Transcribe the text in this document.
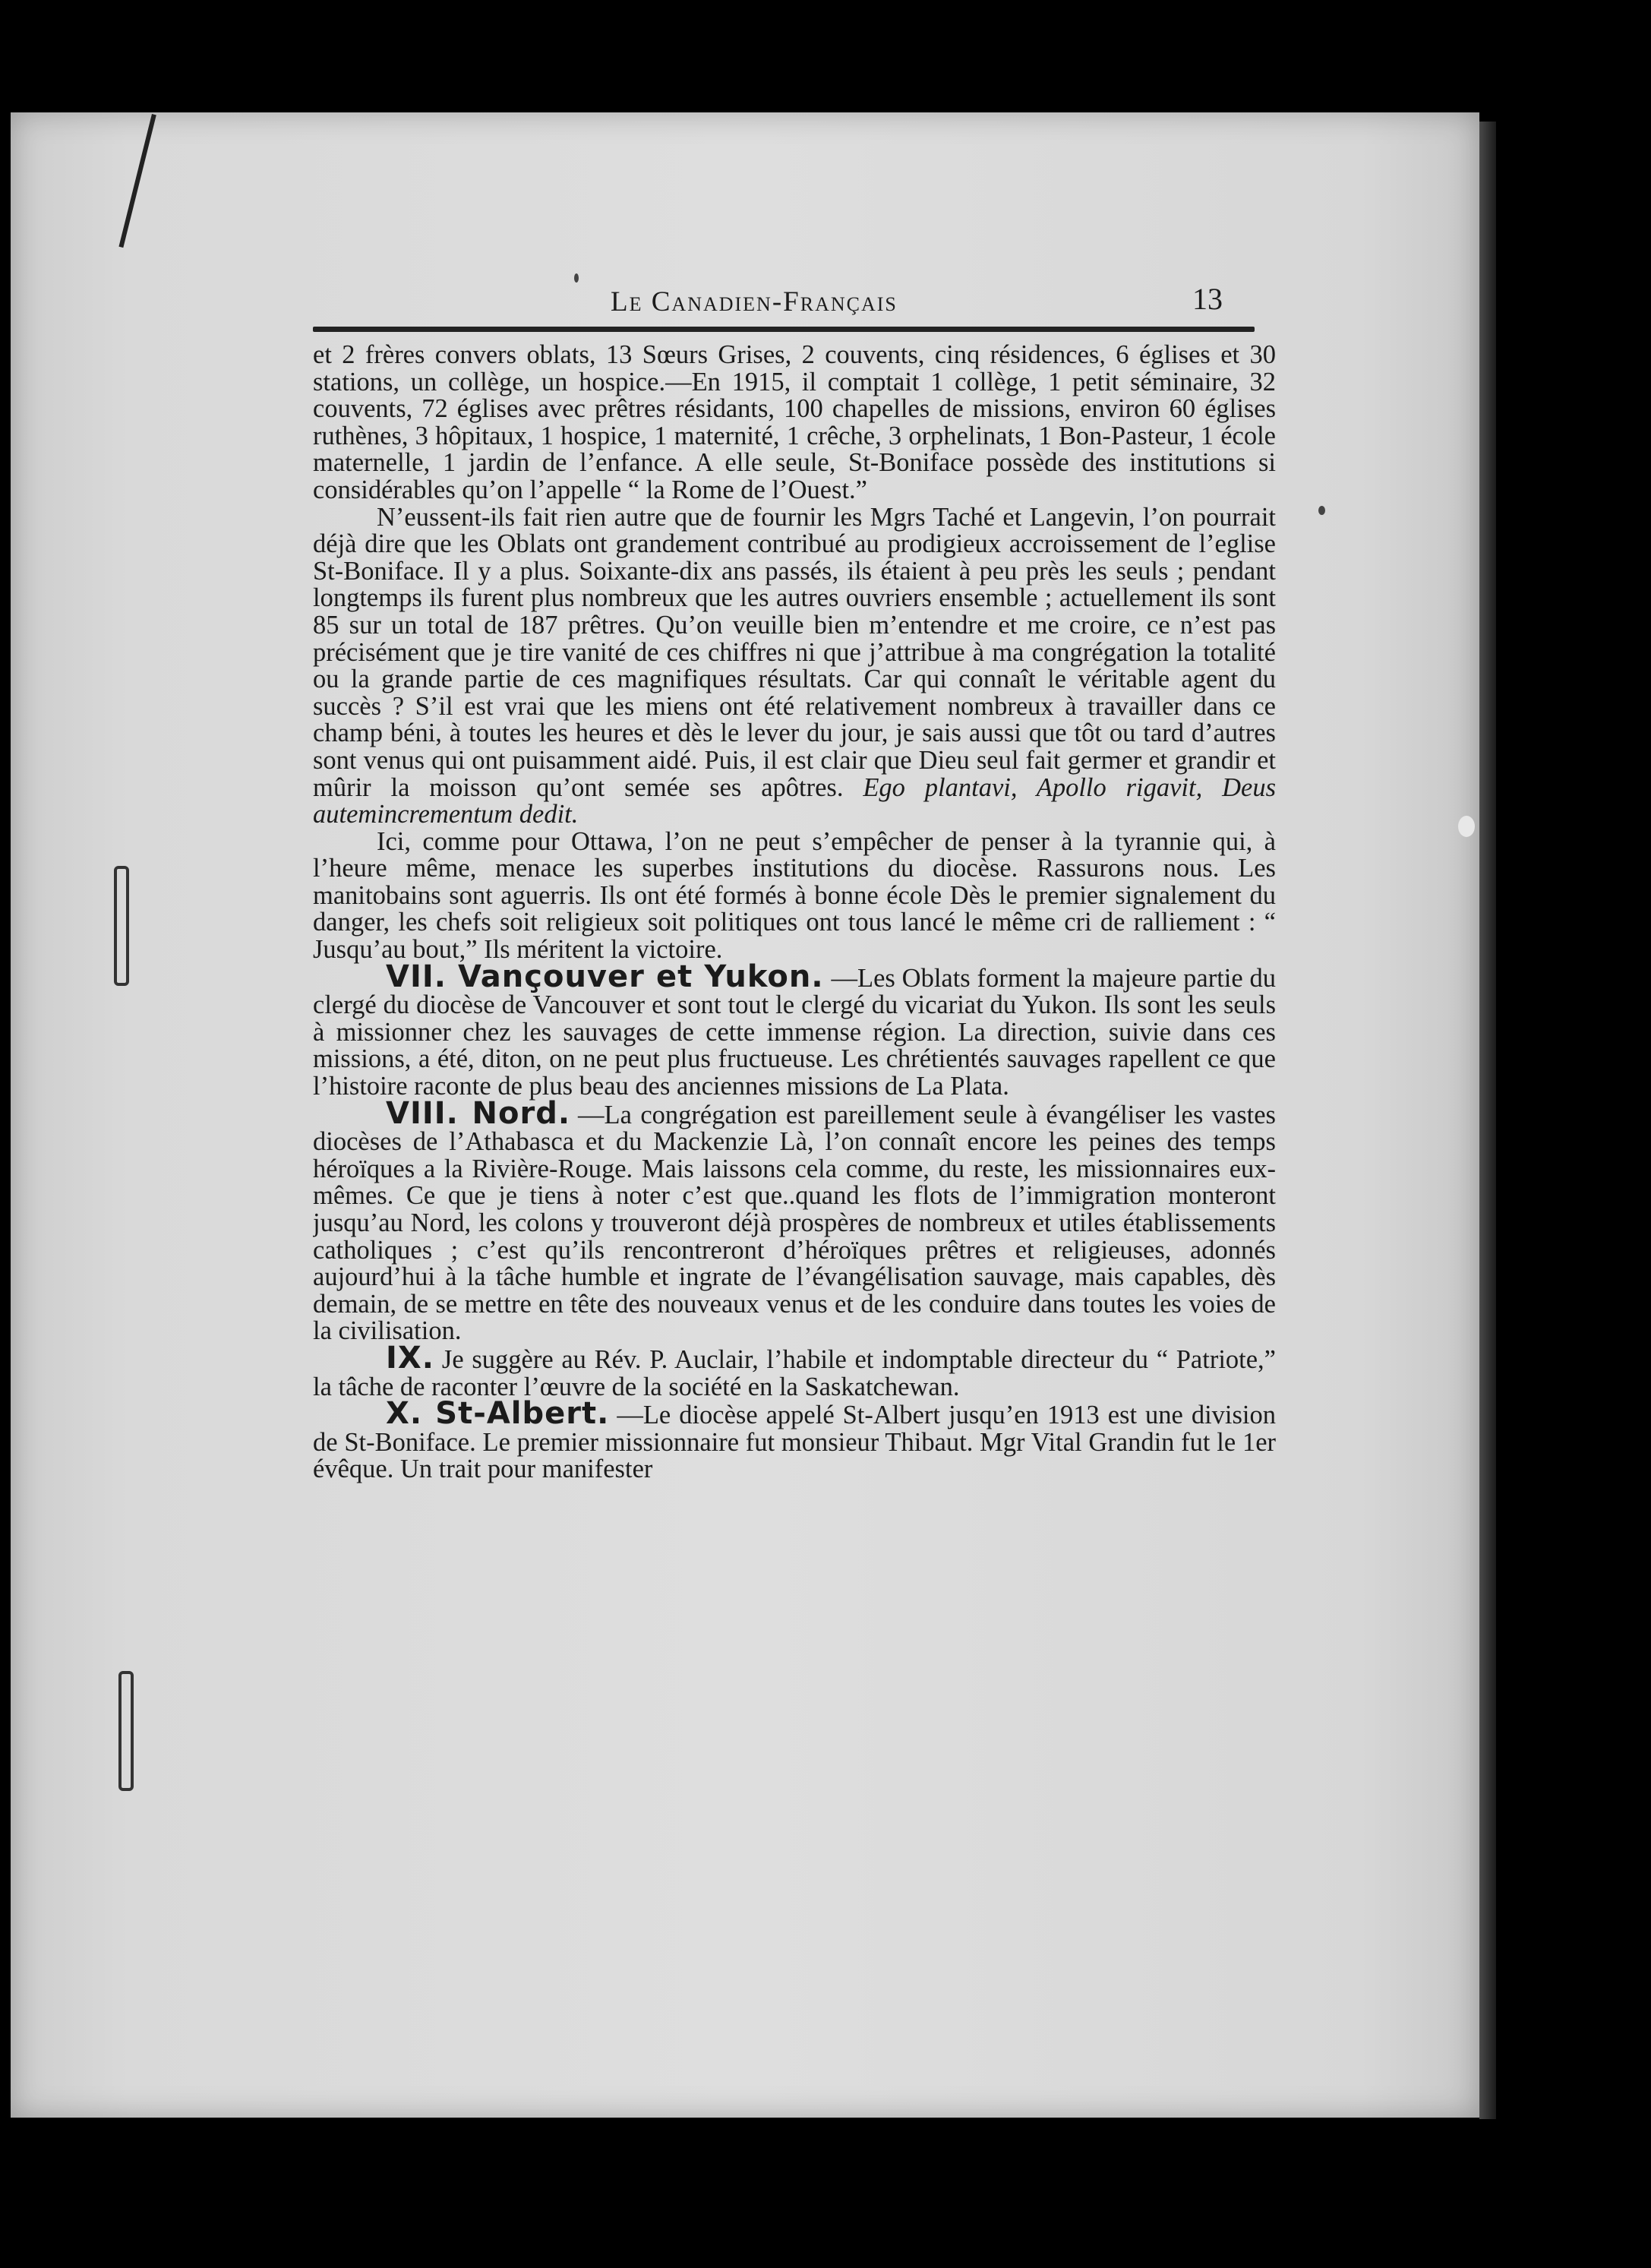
Le Canadien-Français	13

et 2 frères convers oblats, 13 Sœurs Grises, 2 couvents, cinq résidences, 6 églises et 30 stations, un collège, un hospice.—En 1915, il comptait 1 collège, 1 petit séminaire, 32 couvents, 72 églises avec prêtres résidants, 100 chapelles de missions, environ 60 églises ruthènes, 3 hôpitaux, 1 hospice, 1 maternité, 1 crêche, 3 orphelinats, 1 Bon-Pasteur, 1 école maternelle, 1 jardin de l’enfance. A elle seule, St-Boniface possède des institutions si considérables qu’on l’appelle “ la Rome de l’Ouest.”

N’eussent-ils fait rien autre que de fournir les Mgrs Taché et Langevin, l’on pourrait déjà dire que les Oblats ont grandement contribué au prodigieux accroissement de l’eglise St-Boniface. Il y a plus. Soixante-dix ans passés, ils étaient à peu près les seuls ; pendant longtemps ils furent plus nombreux que les autres ouvriers ensemble ; actuellement ils sont 85 sur un total de 187 prêtres. Qu’on veuille bien m’entendre et me croire, ce n’est pas précisément que je tire vanité de ces chiffres ni que j’attribue à ma congrégation la totalité ou la grande partie de ces magnifiques résultats. Car qui connaît le véritable agent du succès ? S’il est vrai que les miens ont été relativement nombreux à travailler dans ce champ béni, à toutes les heures et dès le lever du jour, je sais aussi que tôt ou tard d’autres sont venus qui ont puisamment aidé. Puis, il est clair que Dieu seul fait germer et grandir et mûrir la moisson qu’ont semée ses apôtres. Ego plantavi, Apollo rigavit, Deus autemincrementum dedit.

Ici, comme pour Ottawa, l’on ne peut s’empêcher de penser à la tyrannie qui, à l’heure même, menace les superbes institutions du diocèse. Rassurons nous. Les manitobains sont aguerris. Ils ont été formés à bonne école Dès le premier signalement du danger, les chefs soit religieux soit politiques ont tous lancé le même cri de ralliement : “ Jusqu’au bout,” Ils méritent la victoire.

VII. Vançouver et Yukon. —Les Oblats forment la majeure partie du clergé du diocèse de Vancouver et sont tout le clergé du vicariat du Yukon. Ils sont les seuls à missionner chez les sauvages de cette immense région. La direction, suivie dans ces missions, a été, diton, on ne peut plus fructueuse. Les chrétientés sauvages rapellent ce que l’histoire raconte de plus beau des anciennes missions de La Plata.

VIII. Nord. —La congrégation est pareillement seule à évangéliser les vastes diocèses de l’Athabasca et du Mackenzie Là, l’on connaît encore les peines des temps héroïques a la Rivière-Rouge. Mais laissons cela comme, du reste, les missionnaires eux-mêmes. Ce que je tiens à noter c’est que..quand les flots de l’immigration monteront jusqu’au Nord, les colons y trouveront déjà prospères de nombreux et utiles établissements catholiques ; c’est qu’ils rencontreront d’héroïques prêtres et religieuses, adonnés aujourd’hui à la tâche humble et ingrate de l’évangélisation sauvage, mais capables, dès demain, de se mettre en tête des nouveaux venus et de les conduire dans toutes les voies de la civilisation.

IX. Je suggère au Rév. P. Auclair, l’habile et indomptable directeur du “ Patriote,” la tâche de raconter l’œuvre de la société en la Saskatchewan.

X. St-Albert. —Le diocèse appelé St-Albert jusqu’en 1913 est une division de St-Boniface. Le premier missionnaire fut monsieur Thibaut. Mgr Vital Grandin fut le 1er évêque. Un trait pour manifester
